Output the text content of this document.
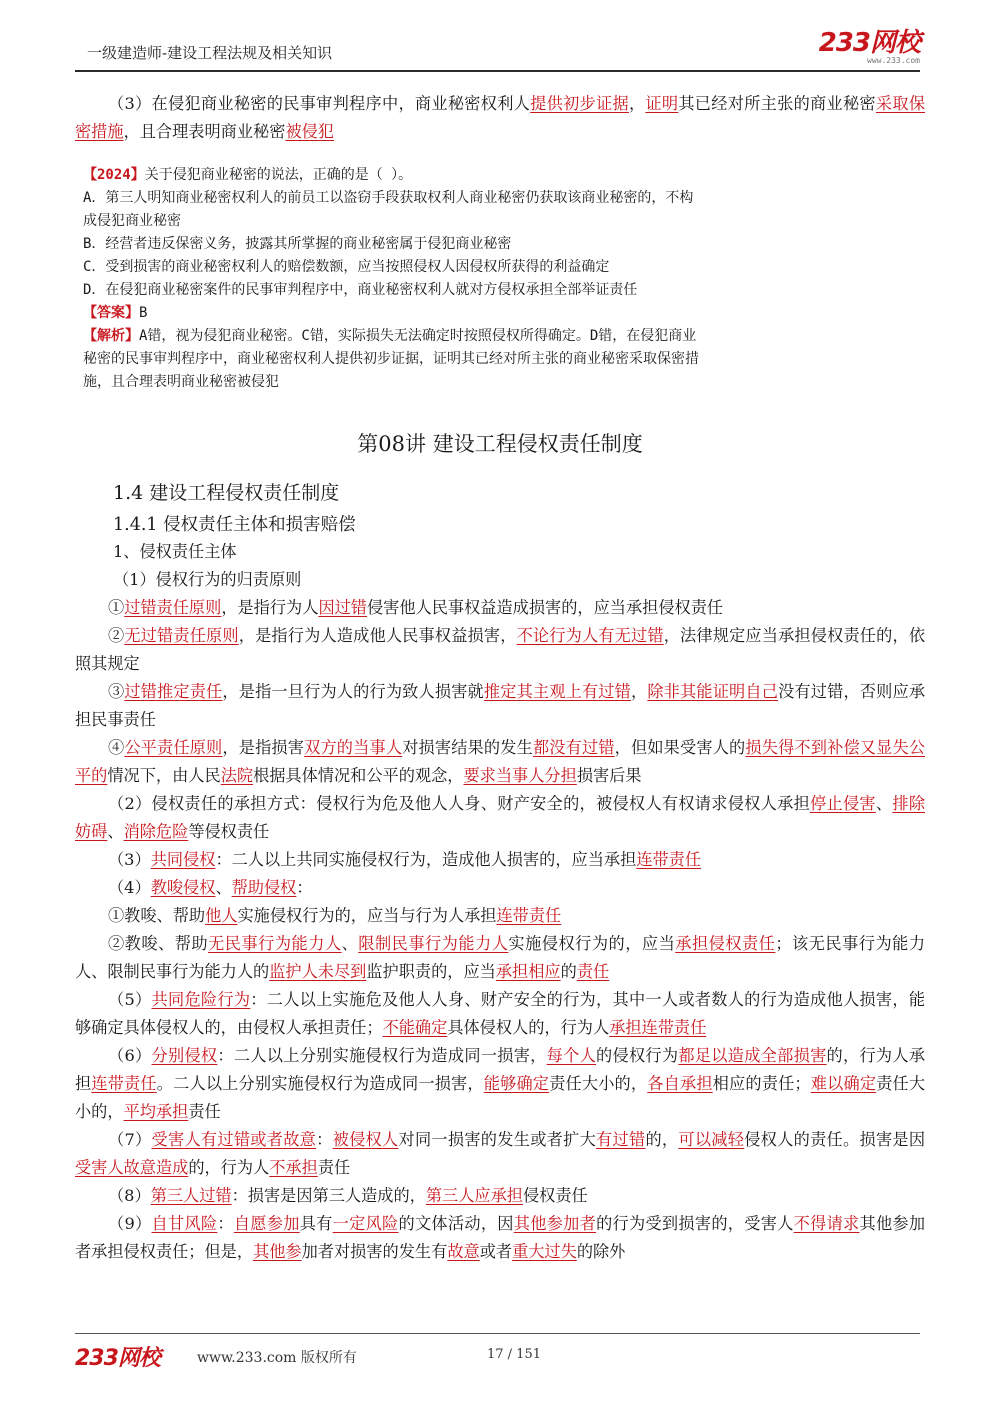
一级建造师-建设工程法规及相关知识	233网校
www.233.com

（3）在侵犯商业秘密的民事审判程序中，商业秘密权利人提供初步证据，证明其已经对所主张的商业秘密采取保密措施，且合理表明商业秘密被侵犯

【2024】关于侵犯商业秘密的说法，正确的是（ ）。

A．第三人明知商业秘密权利人的前员工以盗窃手段获取权利人商业秘密仍获取该商业秘密的，不构

成侵犯商业秘密

B．经营者违反保密义务，披露其所掌握的商业秘密属于侵犯商业秘密

C．受到损害的商业秘密权利人的赔偿数额，应当按照侵权人因侵权所获得的利益确定

D．在侵犯商业秘密案件的民事审判程序中，商业秘密权利人就对方侵权承担全部举证责任

【答案】B

【解析】A错，视为侵犯商业秘密。C错，实际损失无法确定时按照侵权所得确定。D错，在侵犯商业

秘密的民事审判程序中，商业秘密权利人提供初步证据，证明其已经对所主张的商业秘密采取保密措

施，且合理表明商业秘密被侵犯

第08讲 建设工程侵权责任制度
1.4 建设工程侵权责任制度
1.4.1 侵权责任主体和损害赔偿
1、侵权责任主体
（1）侵权行为的归责原则

①过错责任原则，是指行为人因过错侵害他人民事权益造成损害的，应当承担侵权责任

②无过错责任原则，是指行为人造成他人民事权益损害，不论行为人有无过错，法律规定应当承担侵权责任的，依照其规定

③过错推定责任，是指一旦行为人的行为致人损害就推定其主观上有过错，除非其能证明自己没有过错，否则应承担民事责任

④公平责任原则，是指损害双方的当事人对损害结果的发生都没有过错，但如果受害人的损失得不到补偿又显失公平的情况下，由人民法院根据具体情况和公平的观念，要求当事人分担损害后果

（2）侵权责任的承担方式：侵权行为危及他人人身、财产安全的，被侵权人有权请求侵权人承担停止侵害、排除妨碍、消除危险等侵权责任

（3）共同侵权：二人以上共同实施侵权行为，造成他人损害的，应当承担连带责任

（4）教唆侵权、帮助侵权：

①教唆、帮助他人实施侵权行为的，应当与行为人承担连带责任

②教唆、帮助无民事行为能力人、限制民事行为能力人实施侵权行为的，应当承担侵权责任；该无民事行为能力人、限制民事行为能力人的监护人未尽到监护职责的，应当承担相应的责任

（5）共同危险行为：二人以上实施危及他人人身、财产安全的行为，其中一人或者数人的行为造成他人损害，能够确定具体侵权人的，由侵权人承担责任；不能确定具体侵权人的，行为人承担连带责任

（6）分别侵权：二人以上分别实施侵权行为造成同一损害，每个人的侵权行为都足以造成全部损害的，行为人承担连带责任。二人以上分别实施侵权行为造成同一损害，能够确定责任大小的，各自承担相应的责任；难以确定责任大小的，平均承担责任

（7）受害人有过错或者故意：被侵权人对同一损害的发生或者扩大有过错的，可以减轻侵权人的责任。损害是因受害人故意造成的，行为人不承担责任

（8）第三人过错：损害是因第三人造成的，第三人应承担侵权责任

（9）自甘风险：自愿参加具有一定风险的文体活动，因其他参加者的行为受到损害的，受害人不得请求其他参加者承担侵权责任；但是，其他参加者对损害的发生有故意或者重大过失的除外

233网校	www.233.com 版权所有	17 / 151
